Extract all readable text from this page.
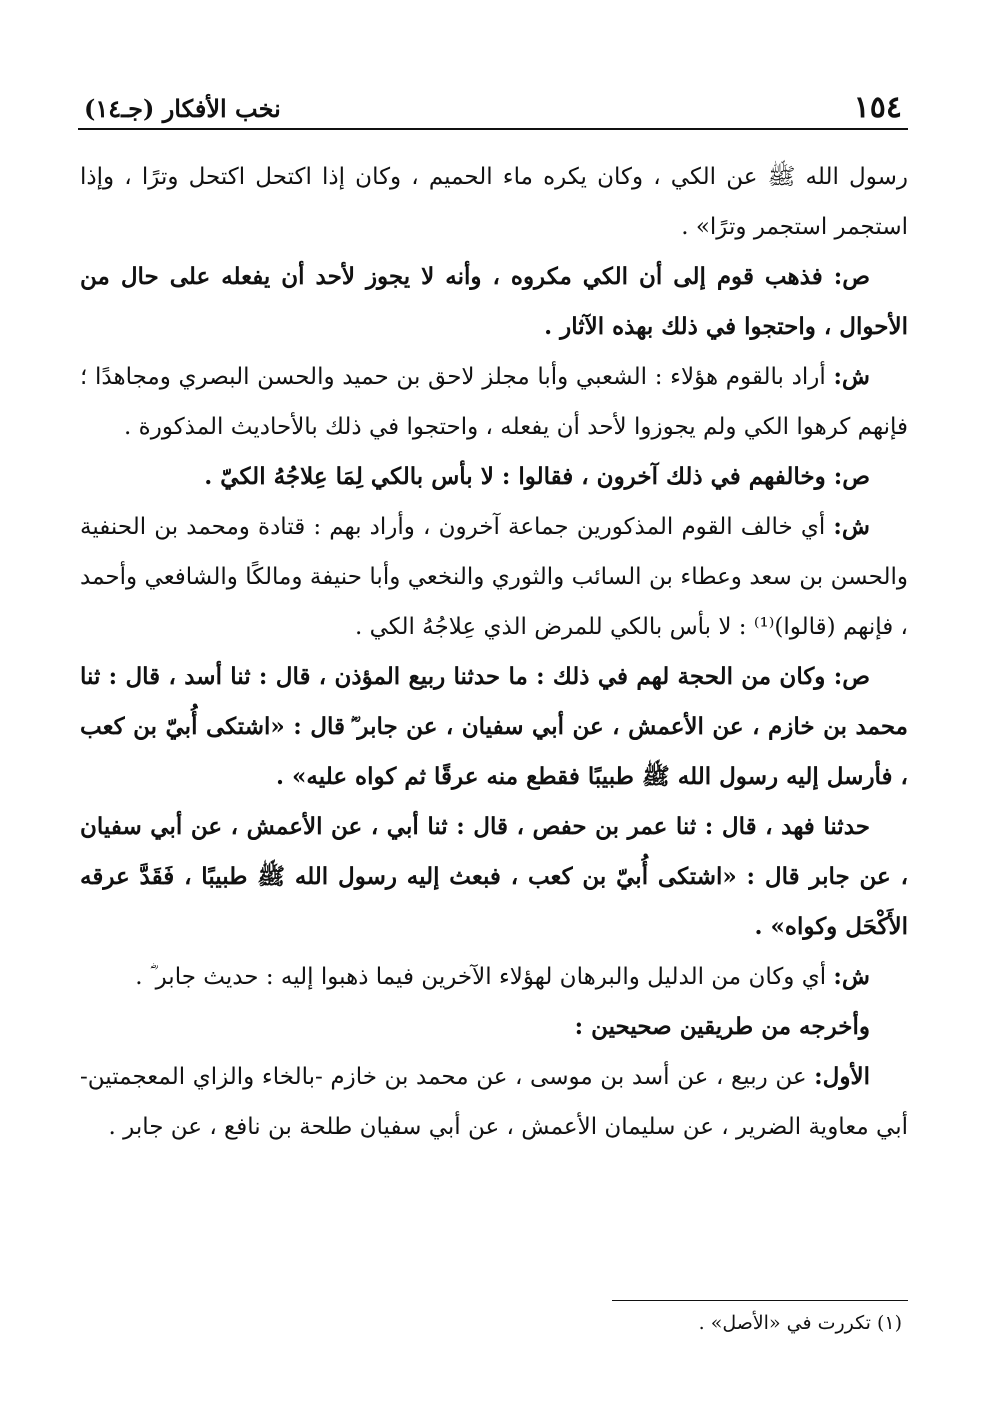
١٥٤
نخب الأفكار (جـ١٤)

رسول الله ﷺ عن الكي ، وكان يكره ماء الحميم ، وكان إذا اكتحل اكتحل وترًا ، وإذا استجمر استجمر وترًا» .

ص: فذهب قوم إلى أن الكي مكروه ، وأنه لا يجوز لأحد أن يفعله على حال من الأحوال ، واحتجوا في ذلك بهذه الآثار .

ش: أراد بالقوم هؤلاء : الشعبي وأبا مجلز لاحق بن حميد والحسن البصري ومجاهدًا ؛ فإنهم كرهوا الكي ولم يجوزوا لأحد أن يفعله ، واحتجوا في ذلك بالأحاديث المذكورة .

ص: وخالفهم في ذلك آخرون ، فقالوا : لا بأس بالكي لِمَا عِلاجُهُ الكيّ .

ش: أي خالف القوم المذكورين جماعة آخرون ، وأراد بهم : قتادة ومحمد بن الحنفية والحسن بن سعد وعطاء بن السائب والثوري والنخعي وأبا حنيفة ومالكًا والشافعي وأحمد ، فإنهم (قالوا)⁽¹⁾ : لا بأس بالكي للمرض الذي عِلاجُهُ الكي .

ص: وكان من الحجة لهم في ذلك : ما حدثنا ربيع المؤذن ، قال : ثنا أسد ، قال : ثنا محمد بن خازم ، عن الأعمش ، عن أبي سفيان ، عن جابر ؓ قال : «اشتكى أُبيّ بن كعب ، فأرسل إليه رسول الله ﷺ طبيبًا فقطع منه عرقًا ثم كواه عليه» .

حدثنا فهد ، قال : ثنا عمر بن حفص ، قال : ثنا أبي ، عن الأعمش ، عن أبي سفيان ، عن جابر قال : «اشتكى أُبيّ بن كعب ، فبعث إليه رسول الله ﷺ طبيبًا ، فَقَدَّ عرقه الأَكْحَل وكواه» .

ش: أي وكان من الدليل والبرهان لهؤلاء الآخرين فيما ذهبوا إليه : حديث جابر ؓ .

وأخرجه من طريقين صحيحين :

الأول: عن ربيع ، عن أسد بن موسى ، عن محمد بن خازم -بالخاء والزاي المعجمتين- أبي معاوية الضرير ، عن سليمان الأعمش ، عن أبي سفيان طلحة بن نافع ، عن جابر .

(١) تكررت في «الأصل» .
